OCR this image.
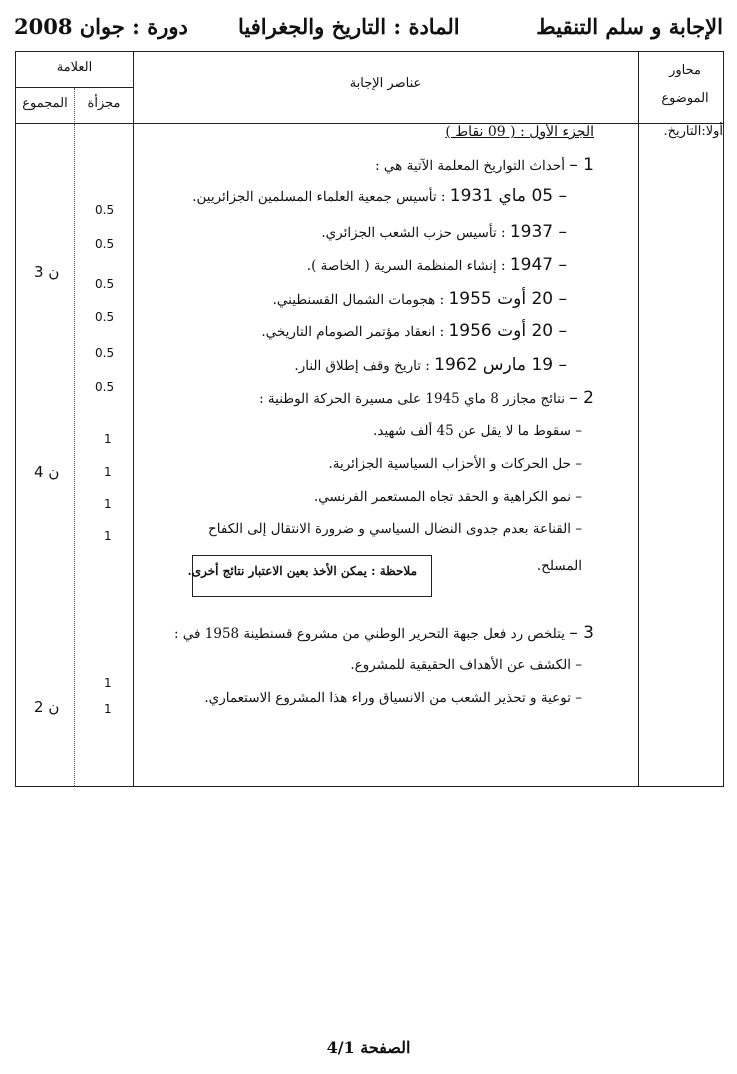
الإجابة و سلم التنقيط
المادة : التاريخ والجغرافيا
دورة : جوان 2008
محاور الموضوع
عناصر الإجابة
العلامة
مجزأة
المجموع
أولا:التاريخ.
الجزء الأول : ( 09 نقاط )
1 – أحداث التواريخ المعلمة الآتية هي :
– 05 ماي 1931 : تأسيس جمعية العلماء المسلمين الجزائريين.
– 1937 : تأسيس حزب الشعب الجزائري.
– 1947 : إنشاء المنظمة السرية ( الخاصة ).
– 20 أوت 1955 : هجومات الشمال القسنطيني.
– 20 أوت 1956 : انعقاد مؤتمر الصومام التاريخي.
– 19 مارس 1962 : تاريخ وقف إطلاق النار.
0.5
0.5
0.5
0.5
0.5
0.5
3 ن
2 – نتائج مجازر 8 ماي 1945 على مسيرة الحركة الوطنية :
– سقوط ما لا يقل عن 45 ألف شهيد.
– حل الحركات و الأحزاب السياسية الجزائرية.
– نمو الكراهية و الحقد تجاه المستعمر الفرنسي.
– القناعة بعدم جدوى النضال السياسي و ضرورة الانتقال إلى الكفاح
المسلح.
ملاحظة : يمكن الأخذ بعين الاعتبار نتائج أخرى.
1
1
1
1
4 ن
3 – يتلخص رد فعل جبهة التحرير الوطني من مشروع قسنطينة 1958 في :
– الكشف عن الأهداف الحقيقية للمشروع.
– توعية و تحذير الشعب من الانسياق وراء هذا المشروع الاستعماري.
1
1
2 ن
الصفحة 4/1
